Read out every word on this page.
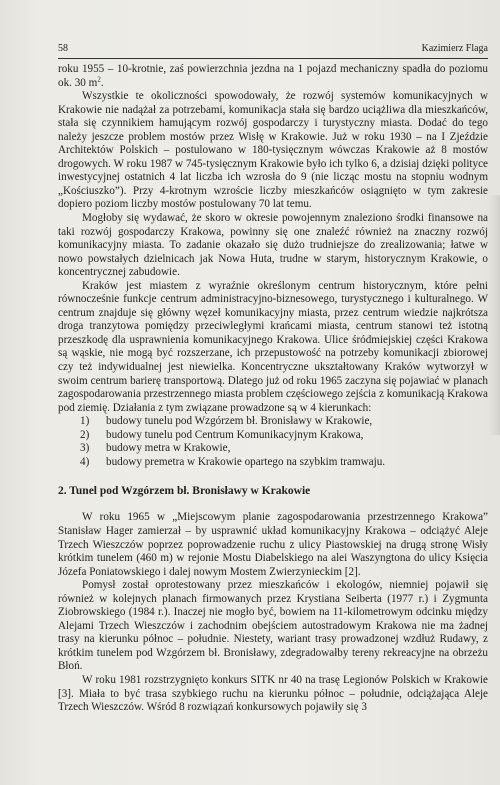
58	Kazimierz Flaga

roku 1955 – 10-krotnie, zaś powierzchnia jezdna na 1 pojazd mechaniczny spadła do poziomu ok. 30 $m^2$.

Wszystkie te okoliczności spowodowały, że rozwój systemów komunikacyjnych w Krakowie nie nadążał za potrzebami, komunikacja stała się bardzo uciążliwa dla mieszkańców, stała się czynnikiem hamującym rozwój gospodarczy i turystyczny miasta. Dodać do tego należy jeszcze problem mostów przez Wisłę w Krakowie. Już w roku 1930 – na I Zjeździe Architektów Polskich – postulowano w 180-tysięcznym wówczas Krakowie aż 8 mostów drogowych. W roku 1987 w 745-tysięcznym Krakowie było ich tylko 6, a dzisiaj dzięki polityce inwestycyjnej ostatnich 4 lat liczba ich wzrosła do 9 (nie licząc mostu na stopniu wodnym „Kościuszko”). Przy 4-krotnym wzroście liczby mieszkańców osiągnięto w tym zakresie dopiero poziom liczby mostów postulowany 70 lat temu.

Mogłoby się wydawać, że skoro w okresie powojennym znaleziono środki finansowe na taki rozwój gospodarczy Krakowa, powinny się one znaleźć również na znaczny rozwój komunikacyjny miasta. To zadanie okazało się dużo trudniejsze do zrealizowania; łatwe w nowo powstałych dzielnicach jak Nowa Huta, trudne w starym, historycznym Krakowie, o koncentrycznej zabudowie.

Kraków jest miastem z wyraźnie określonym centrum historycznym, które pełni równocześnie funkcje centrum administracyjno-biznesowego, turystycznego i kulturalnego. W centrum znajduje się główny węzeł komunikacyjny miasta, przez centrum wiedzie najkrótsza droga tranzytowa pomiędzy przeciwległymi krańcami miasta, centrum stanowi też istotną przeszkodę dla usprawnienia komunikacyjnego Krakowa. Ulice śródmiejskiej części Krakowa są wąskie, nie mogą być rozszerzane, ich przepustowość na potrzeby komunikacji zbiorowej czy też indywidualnej jest niewielka. Koncentryczne ukształtowany Kraków wytworzył w swoim centrum barierę transportową. Dlatego już od roku 1965 zaczyna się pojawiać w planach zagospodarowania przestrzennego miasta problem częściowego zejścia z komunikacją Krakowa pod ziemię. Działania z tym związane prowadzone są w 4 kierunkach:

1) budowy tunelu pod Wzgórzem bł. Bronisławy w Krakowie,
2) budowy tunelu pod Centrum Komunikacyjnym Krakowa,
3) budowy metra w Krakowie,
4) budowy premetra w Krakowie opartego na szybkim tramwaju.
2. Tunel pod Wzgórzem bł. Bronisławy w Krakowie

W roku 1965 w „Miejscowym planie zagospodarowania przestrzennego Krakowa” Stanisław Hager zamierzał – by usprawnić układ komunikacyjny Krakowa – odciążyć Aleje Trzech Wieszczów poprzez poprowadzenie ruchu z ulicy Piastowskiej na drugą stronę Wisły krótkim tunelem (460 m) w rejonie Mostu Diabelskiego na alei Waszyngtona do ulicy Księcia Józefa Poniatowskiego i dalej nowym Mostem Zwierzynieckim [2].

Pomysł został oprotestowany przez mieszkańców i ekologów, niemniej pojawił się również w kolejnych planach firmowanych przez Krystiana Seiberta (1977 r.) i Zygmunta Ziobrowskiego (1984 r.). Inaczej nie mogło być, bowiem na 11-kilometrowym odcinku między Alejami Trzech Wieszczów i zachodnim obejściem autostradowym Krakowa nie ma żadnej trasy na kierunku północ – południe. Niestety, wariant trasy prowadzonej wzdłuż Rudawy, z krótkim tunelem pod Wzgórzem bł. Bronisławy, zdegradowałby tereny rekreacyjne na obrzeżu Błoń.

W roku 1981 rozstrzygnięto konkurs SITK nr 40 na trasę Legionów Polskich w Krakowie [3]. Miała to być trasa szybkiego ruchu na kierunku północ – południe, odciążająca Aleje Trzech Wieszczów. Wśród 8 rozwiązań konkursowych pojawiły się 3
